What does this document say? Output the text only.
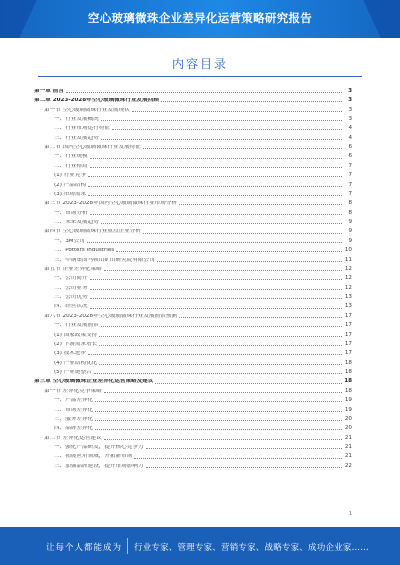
空心玻璃微珠企业差异化运营策略研究报告
内容目录
第一章 前言	3
第二章 2023-2028年空心玻璃微珠行业发展回顾	3
第一节 空心玻璃微珠行业发展现状	3
一、行业发展概况	3
二、行业市场运行特征	4
三、行业发展趋势	4
第二节 国内空心玻璃微珠行业发展特征	6
一、行业规模	6
二、行业格局	7
(1) 行业竞争	7
(2) 产品结构	7
(3) 市场需求	7
第三节 2023-2028年国内空心玻璃微珠行业市场分析	8
一、市场分析	8
二、未来发展趋势	9
第四节 空心玻璃微珠行业重点企业分析	9
一、3M公司	9
二、Potters Industries	10
三、中钢集团马鞍山矿山研究院有限公司	11
第五节 企业差异化策略	12
一、公司简介	12
二、公司业务	12
三、公司优势	13
四、经营状况	13
第六节 2023-2028年空心玻璃微珠行业发展前景预测	17
一、行业发展前景	17
(1) 国家政策支持	17
(2) 下游需求增长	17
(3) 技术进步	17
(4) 产业结构优化	18
(5) 产业链整合	18
第三章 空心玻璃微珠企业差异化运营策略及建议	18
第一节 差异化竞争策略	18
一、产品差异化	19
二、市场差异化	19
三、服务差异化	20
四、品牌差异化	20
第二节 差异化运营建议	21
一、强化产品研发，提升核心竞争力	21
二、拓展应用领域，开拓新市场	21
三、加强品牌建设，提升市场影响力	22
1
让每个人都能成为 行业专家、管理专家、营销专家、战略专家、成功企业家……
